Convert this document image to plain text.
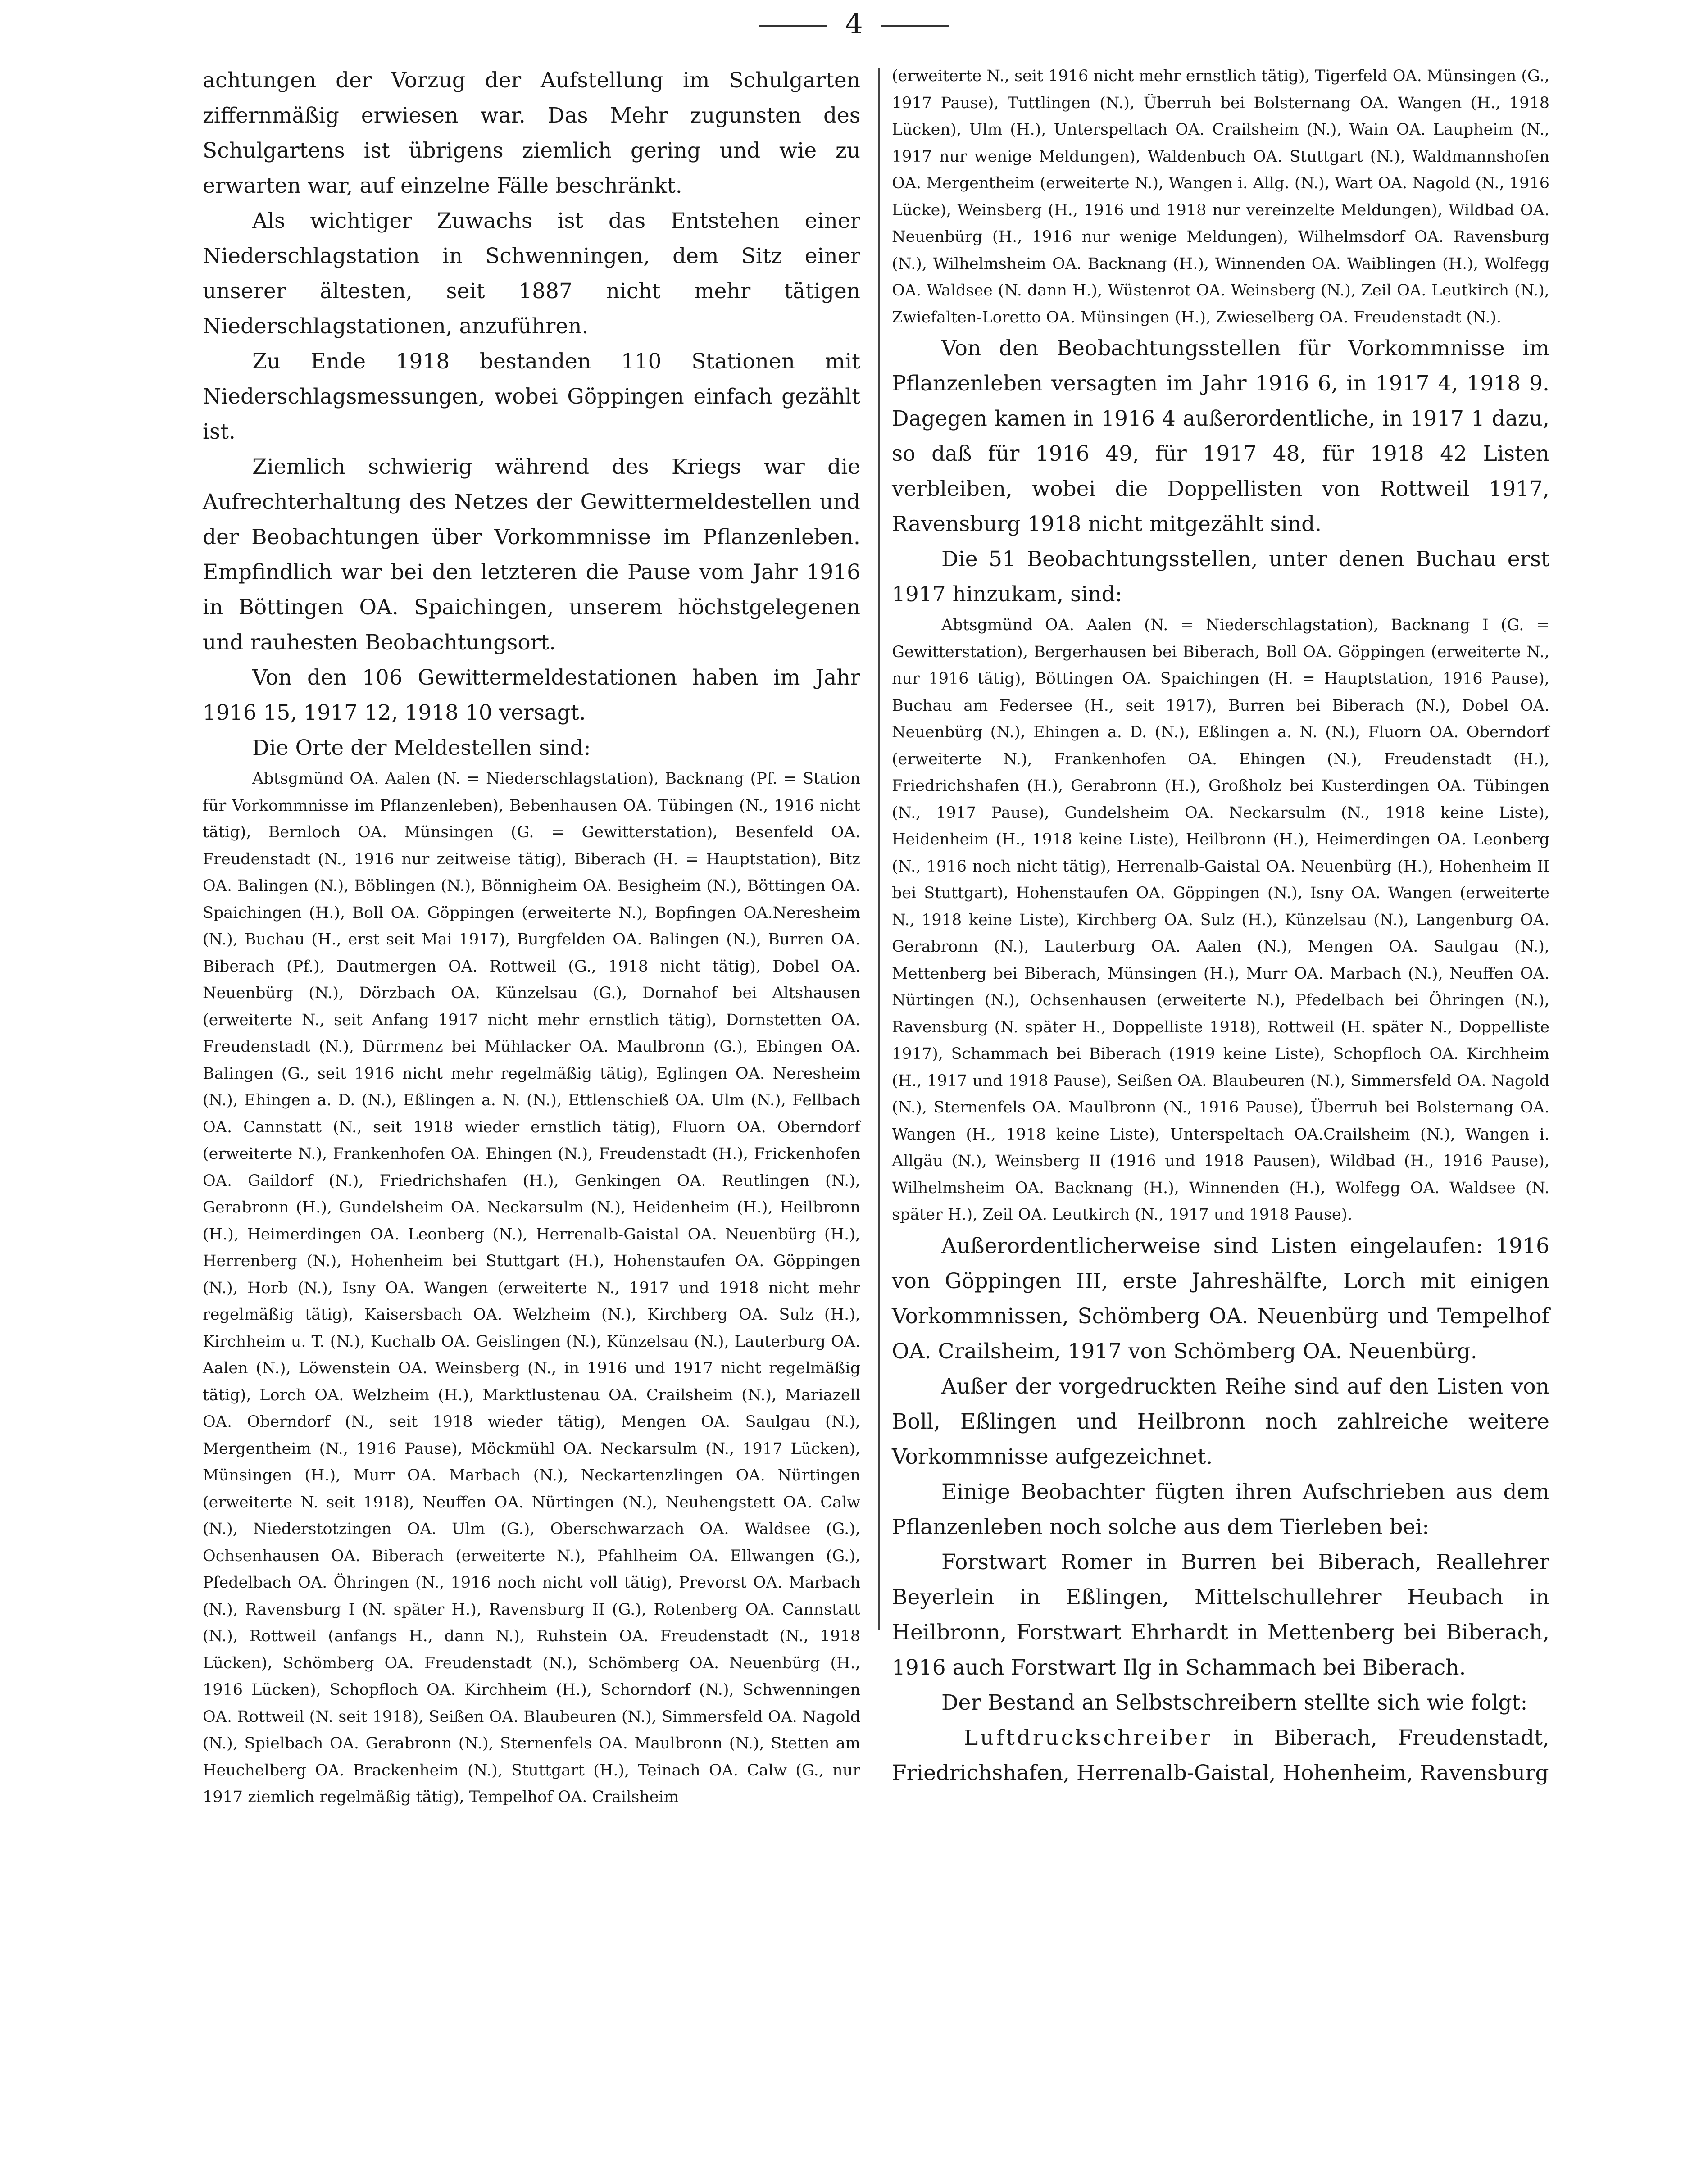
4

achtungen der Vorzug der Aufstellung im Schulgarten ziffernmäßig erwiesen war. Das Mehr zugunsten des Schulgartens ist übrigens ziemlich gering und wie zu erwarten war, auf einzelne Fälle beschränkt.

Als wichtiger Zuwachs ist das Entstehen einer Niederschlagstation in Schwenningen, dem Sitz einer unserer ältesten, seit 1887 nicht mehr tätigen Niederschlagstationen, anzuführen.

Zu Ende 1918 bestanden 110 Stationen mit Niederschlagsmessungen, wobei Göppingen einfach gezählt ist.

Ziemlich schwierig während des Kriegs war die Aufrechterhaltung des Netzes der Gewittermeldestellen und der Beobachtungen über Vorkommnisse im Pflanzenleben. Empfindlich war bei den letzteren die Pause vom Jahr 1916 in Böttingen OA. Spaichingen, unserem höchstgelegenen und rauhesten Beobachtungsort.

Von den 106 Gewittermeldestationen haben im Jahr 1916 15, 1917 12, 1918 10 versagt.

Die Orte der Meldestellen sind:

Abtsgmünd OA. Aalen (N. = Niederschlagstation), Backnang (Pf. = Station für Vorkommnisse im Pflanzenleben), Bebenhausen OA. Tübingen (N., 1916 nicht tätig), Bernloch OA. Münsingen (G. = Gewitterstation), Besenfeld OA. Freudenstadt (N., 1916 nur zeitweise tätig), Biberach (H. = Hauptstation), Bitz OA. Balingen (N.), Böblingen (N.), Bönnigheim OA. Besigheim (N.), Böttingen OA. Spaichingen (H.), Boll OA. Göppingen (erweiterte N.), Bopfingen OA.Neresheim (N.), Buchau (H., erst seit Mai 1917), Burgfelden OA. Balingen (N.), Burren OA. Biberach (Pf.), Dautmergen OA. Rottweil (G., 1918 nicht tätig), Dobel OA. Neuenbürg (N.), Dörzbach OA. Künzelsau (G.), Dornahof bei Altshausen (erweiterte N., seit Anfang 1917 nicht mehr ernstlich tätig), Dornstetten OA. Freudenstadt (N.), Dürrmenz bei Mühlacker OA. Maulbronn (G.), Ebingen OA. Balingen (G., seit 1916 nicht mehr regelmäßig tätig), Eglingen OA. Neresheim (N.), Ehingen a. D. (N.), Eßlingen a. N. (N.), Ettlenschieß OA. Ulm (N.), Fellbach OA. Cannstatt (N., seit 1918 wieder ernstlich tätig), Fluorn OA. Oberndorf (erweiterte N.), Frankenhofen OA. Ehingen (N.), Freudenstadt (H.), Frickenhofen OA. Gaildorf (N.), Friedrichshafen (H.), Genkingen OA. Reutlingen (N.), Gerabronn (H.), Gundelsheim OA. Neckarsulm (N.), Heidenheim (H.), Heilbronn (H.), Heimerdingen OA. Leonberg (N.), Herrenalb-Gaistal OA. Neuenbürg (H.), Herrenberg (N.), Hohenheim bei Stuttgart (H.), Hohenstaufen OA. Göppingen (N.), Horb (N.), Isny OA. Wangen (erweiterte N., 1917 und 1918 nicht mehr regelmäßig tätig), Kaisersbach OA. Welzheim (N.), Kirchberg OA. Sulz (H.), Kirchheim u. T. (N.), Kuchalb OA. Geislingen (N.), Künzelsau (N.), Lauterburg OA. Aalen (N.), Löwenstein OA. Weinsberg (N., in 1916 und 1917 nicht regelmäßig tätig), Lorch OA. Welzheim (H.), Marktlustenau OA. Crailsheim (N.), Mariazell OA. Oberndorf (N., seit 1918 wieder tätig), Mengen OA. Saulgau (N.), Mergentheim (N., 1916 Pause), Möckmühl OA. Neckarsulm (N., 1917 Lücken), Münsingen (H.), Murr OA. Marbach (N.), Neckartenzlingen OA. Nürtingen (erweiterte N. seit 1918), Neuffen OA. Nürtingen (N.), Neuhengstett OA. Calw (N.), Niederstotzingen OA. Ulm (G.), Oberschwarzach OA. Waldsee (G.), Ochsenhausen OA. Biberach (erweiterte N.), Pfahlheim OA. Ellwangen (G.), Pfedelbach OA. Öhringen (N., 1916 noch nicht voll tätig), Prevorst OA. Marbach (N.), Ravensburg I (N. später H.), Ravensburg II (G.), Rotenberg OA. Cannstatt (N.), Rottweil (anfangs H., dann N.), Ruhstein OA. Freudenstadt (N., 1918 Lücken), Schömberg OA. Freudenstadt (N.), Schömberg OA. Neuenbürg (H., 1916 Lücken), Schopfloch OA. Kirchheim (H.), Schorndorf (N.), Schwenningen OA. Rottweil (N. seit 1918), Seißen OA. Blaubeuren (N.), Simmersfeld OA. Nagold (N.), Spielbach OA. Gerabronn (N.), Sternenfels OA. Maulbronn (N.), Stetten am Heuchelberg OA. Brackenheim (N.), Stuttgart (H.), Teinach OA. Calw (G., nur 1917 ziemlich regelmäßig tätig), Tempelhof OA. Crailsheim

(erweiterte N., seit 1916 nicht mehr ernstlich tätig), Tigerfeld OA. Münsingen (G., 1917 Pause), Tuttlingen (N.), Überruh bei Bolsternang OA. Wangen (H., 1918 Lücken), Ulm (H.), Unterspeltach OA. Crailsheim (N.), Wain OA. Laupheim (N., 1917 nur wenige Meldungen), Waldenbuch OA. Stuttgart (N.), Waldmannshofen OA. Mergentheim (erweiterte N.), Wangen i. Allg. (N.), Wart OA. Nagold (N., 1916 Lücke), Weinsberg (H., 1916 und 1918 nur vereinzelte Meldungen), Wildbad OA. Neuenbürg (H., 1916 nur wenige Meldungen), Wilhelmsdorf OA. Ravensburg (N.), Wilhelmsheim OA. Backnang (H.), Winnenden OA. Waiblingen (H.), Wolfegg OA. Waldsee (N. dann H.), Wüstenrot OA. Weinsberg (N.), Zeil OA. Leutkirch (N.), Zwiefalten-Loretto OA. Münsingen (H.), Zwieselberg OA. Freudenstadt (N.).

Von den Beobachtungsstellen für Vorkommnisse im Pflanzenleben versagten im Jahr 1916 6, in 1917 4, 1918 9. Dagegen kamen in 1916 4 außerordentliche, in 1917 1 dazu, so daß für 1916 49, für 1917 48, für 1918 42 Listen verbleiben, wobei die Doppellisten von Rottweil 1917, Ravensburg 1918 nicht mitgezählt sind.

Die 51 Beobachtungsstellen, unter denen Buchau erst 1917 hinzukam, sind:

Abtsgmünd OA. Aalen (N. = Niederschlagstation), Backnang I (G. = Gewitterstation), Bergerhausen bei Biberach, Boll OA. Göppingen (erweiterte N., nur 1916 tätig), Böttingen OA. Spaichingen (H. = Hauptstation, 1916 Pause), Buchau am Federsee (H., seit 1917), Burren bei Biberach (N.), Dobel OA. Neuenbürg (N.), Ehingen a. D. (N.), Eßlingen a. N. (N.), Fluorn OA. Oberndorf (erweiterte N.), Frankenhofen OA. Ehingen (N.), Freudenstadt (H.), Friedrichshafen (H.), Gerabronn (H.), Großholz bei Kusterdingen OA. Tübingen (N., 1917 Pause), Gundelsheim OA. Neckarsulm (N., 1918 keine Liste), Heidenheim (H., 1918 keine Liste), Heilbronn (H.), Heimerdingen OA. Leonberg (N., 1916 noch nicht tätig), Herrenalb-Gaistal OA. Neuenbürg (H.), Hohenheim II bei Stuttgart), Hohenstaufen OA. Göppingen (N.), Isny OA. Wangen (erweiterte N., 1918 keine Liste), Kirchberg OA. Sulz (H.), Künzelsau (N.), Langenburg OA. Gerabronn (N.), Lauterburg OA. Aalen (N.), Mengen OA. Saulgau (N.), Mettenberg bei Biberach, Münsingen (H.), Murr OA. Marbach (N.), Neuffen OA. Nürtingen (N.), Ochsenhausen (erweiterte N.), Pfedelbach bei Öhringen (N.), Ravensburg (N. später H., Doppelliste 1918), Rottweil (H. später N., Doppelliste 1917), Schammach bei Biberach (1919 keine Liste), Schopfloch OA. Kirchheim (H., 1917 und 1918 Pause), Seißen OA. Blaubeuren (N.), Simmersfeld OA. Nagold (N.), Sternenfels OA. Maulbronn (N., 1916 Pause), Überruh bei Bolsternang OA. Wangen (H., 1918 keine Liste), Unterspeltach OA.Crailsheim (N.), Wangen i. Allgäu (N.), Weinsberg II (1916 und 1918 Pausen), Wildbad (H., 1916 Pause), Wilhelmsheim OA. Backnang (H.), Winnenden (H.), Wolfegg OA. Waldsee (N. später H.), Zeil OA. Leutkirch (N., 1917 und 1918 Pause).

Außerordentlicherweise sind Listen eingelaufen: 1916 von Göppingen III, erste Jahreshälfte, Lorch mit einigen Vorkommnissen, Schömberg OA. Neuenbürg und Tempelhof OA. Crailsheim, 1917 von Schömberg OA. Neuenbürg.

Außer der vorgedruckten Reihe sind auf den Listen von Boll, Eßlingen und Heilbronn noch zahlreiche weitere Vorkommnisse aufgezeichnet.

Einige Beobachter fügten ihren Aufschrieben aus dem Pflanzenleben noch solche aus dem Tierleben bei:

Forstwart Romer in Burren bei Biberach, Reallehrer Beyerlein in Eßlingen, Mittelschullehrer Heubach in Heilbronn, Forstwart Ehrhardt in Mettenberg bei Biberach, 1916 auch Forstwart Ilg in Schammach bei Biberach.

Der Bestand an Selbstschreibern stellte sich wie folgt:

Luftdruckschreiber in Biberach, Freudenstadt, Friedrichshafen, Herrenalb-Gaistal, Hohenheim, Ravensburg
